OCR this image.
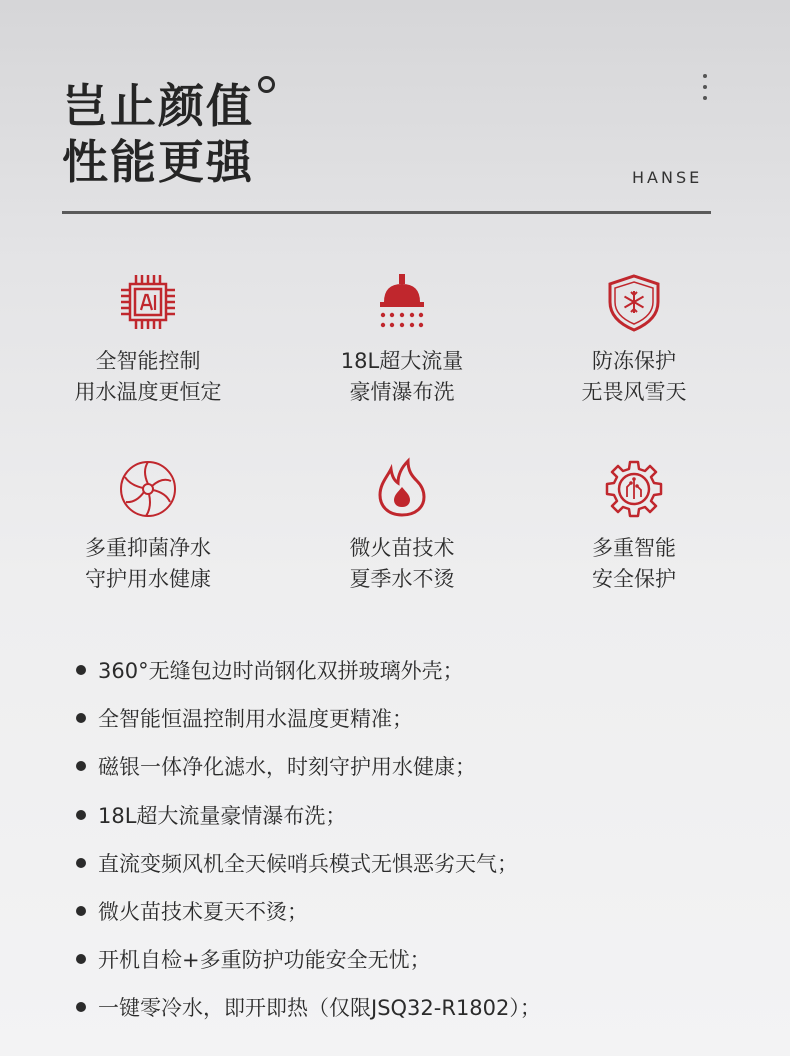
岂止颜值
性能更强	HANSE
全智能控制
用水温度更恒定
18L超大流量
豪情瀑布洗
防冻保护
无畏风雪天
多重抑菌净水
守护用水健康
微火苗技术
夏季水不烫
多重智能
安全保护
360°无缝包边时尚钢化双拼玻璃外壳；
全智能恒温控制用水温度更精准；
磁银一体净化滤水，时刻守护用水健康；
18L超大流量豪情瀑布洗；
直流变频风机全天候哨兵模式无惧恶劣天气；
微火苗技术夏天不烫；
开机自检+多重防护功能安全无忧；
一键零冷水，即开即热（仅限JSQ32-R1802）；
